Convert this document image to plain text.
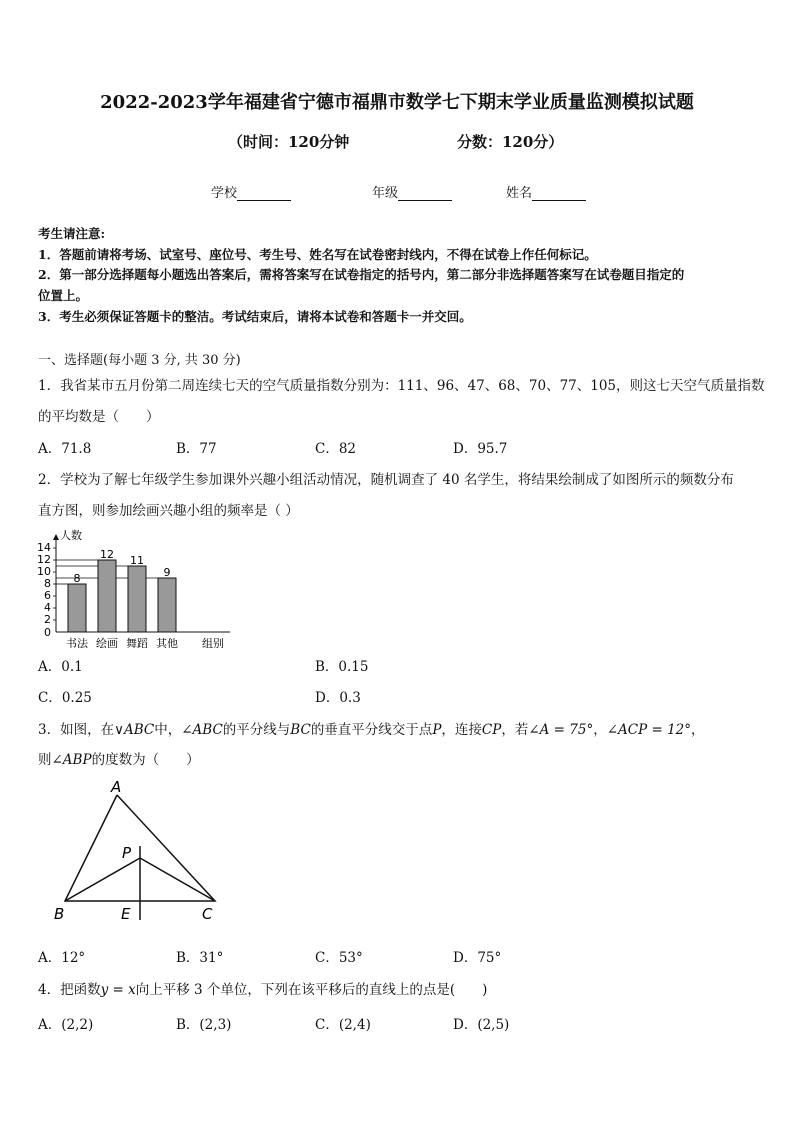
2022-2023学年福建省宁德市福鼎市数学七下期末学业质量监测模拟试题
（时间：120分钟	分数：120分）
学校	年级	姓名
考生请注意:
1．答题前请将考场、试室号、座位号、考生号、姓名写在试卷密封线内，不得在试卷上作任何标记。
2．第一部分选择题每小题选出答案后，需将答案写在试卷指定的括号内，第二部分非选择题答案写在试卷题目指定的
位置上。
3．考生必须保证答题卡的整洁。考试结束后，请将本试卷和答题卡一并交回。
一、选择题(每小题 3 分, 共 30 分)
1．我省某市五月份第二周连续七天的空气质量指数分别为：111、96、47、68、70、77、105，则这七天空气质量指数
的平均数是（　　）
A．71.8	B．77	C．82	D．95.7
2．学校为了解七年级学生参加课外兴趣小组活动情况，随机调查了 40 名学生，将结果绘制成了如图所示的频数分布
直方图，则参加绘画兴趣小组的频率是（ ）
0
2
4
6
8
10
12
14
书法 绘画 舞蹈 其他
8
12 11
9
人数
组别
A．0.1	B．0.15
C．0.25	D．0.3
3．如图，在∨ABC中，∠ABC的平分线与BC的垂直平分线交于点P，连接CP，若∠A = 75°，∠ACP = 12°，
则∠ABP的度数为（　　）
A
P
B	E	C
A．12°	B．31°	C．53°	D．75°
4．把函数y = x向上平移 3 个单位，下列在该平移后的直线上的点是(　　)
A．(2,2)	B．(2,3)	C．(2,4)	D．(2,5)
